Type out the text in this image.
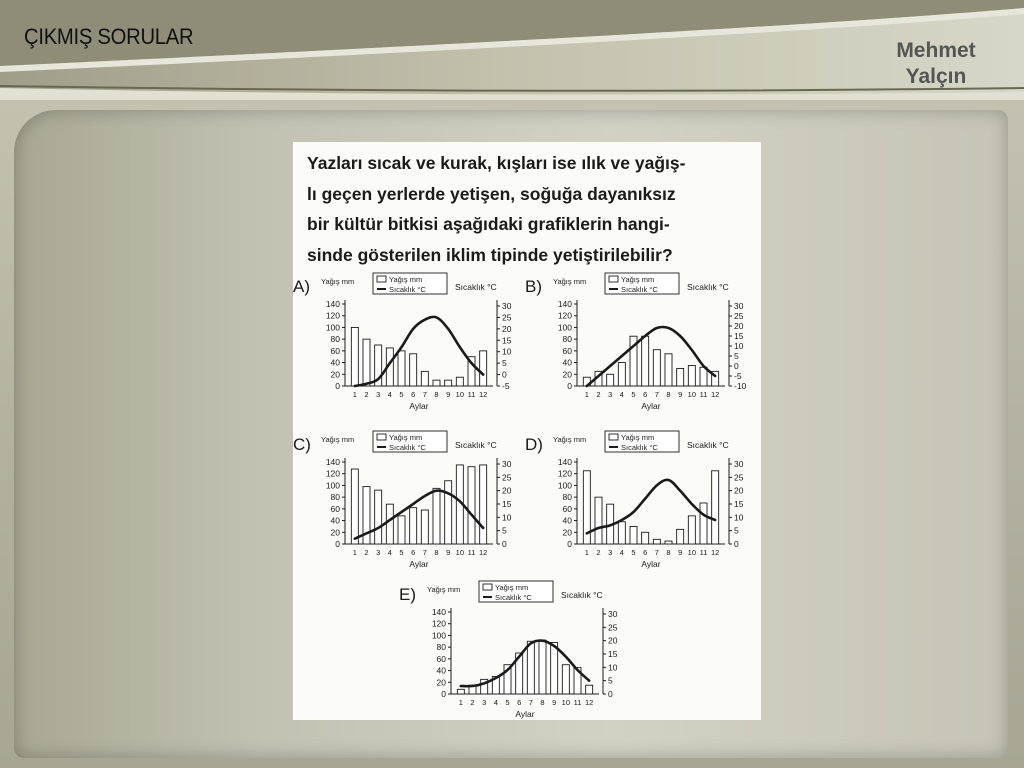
ÇIKMIŞ SORULAR
Mehmet
Yalçın

Yazları sıcak ve kurak, kışları ise ılık ve yağış-
lı geçen yerlerde yetişen, soğuğa dayanıksız
bir kültür bitkisi aşağıdaki grafiklerin hangi-
sinde gösterilen iklim tipinde yetiştirilebilir?

A)	Yağış mm
Sıcaklık °C
Yağış mm
Sıcaklık °C
0
20
40
60
80
100
120
140
1 2 3 4 5 6 7 8 9 10 11 12
Aylar
-5
0
5
10
15
20
25
30
B)	Yağış mm
Sıcaklık °C
Yağış mm
Sıcaklık °C
0
20
40
60
80
100
120
140
1 2 3 4 5 6 7 8 9 10 11 12
Aylar
-10
-5
0
5
10
15
20
25
30
C)	Yağış mm
Sıcaklık °C
Yağış mm
Sıcaklık °C
0
20
40
60
80
100
120
140
1 2 3 4 5 6 7 8 9 10 11 12
Aylar
0
5
10
15
20
25
30
D)	Yağış mm
Sıcaklık °C
Yağış mm
Sıcaklık °C
0
20
40
60
80
100
120
140
1 2 3 4 5 6 7 8 9 10 11 12
Aylar
0
5
10
15
20
25
30
E)	Yağış mm
Sıcaklık °C
Yağış mm
Sıcaklık °C
0
20
40
60
80
100
120
140
1 2 3 4 5 6 7 8 9 10 11 12
Aylar
0
5
10
15
20
25
30
